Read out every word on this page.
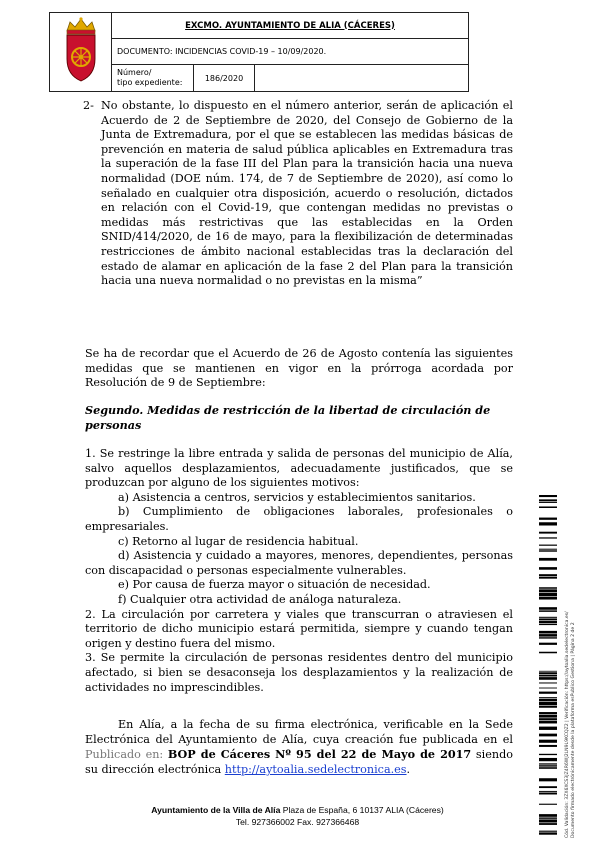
EXCMO. AYUNTAMIENTO DE ALIA (CÁCERES)
DOCUMENTO: INCIDENCIAS COVID-19 – 10/09/2020.
Número/
tipo expediente:	186/2020
2- No obstante, lo dispuesto en el número anterior, serán de aplicación el Acuerdo de 2 de Septiembre de 2020, del Consejo de Gobierno de la Junta de Extremadura, por el que se establecen las medidas básicas de prevención en materia de salud pública aplicables en Extremadura tras la superación de la fase III del Plan para la transición hacia una nueva normalidad (DOE núm. 174, de 7 de Septiembre de 2020), así como lo señalado en cualquier otra disposición, acuerdo o resolución, dictados en relación con el Covid-19, que contengan medidas no previstas o medidas más restrictivas que las establecidas en la Orden SNID/414/2020, de 16 de mayo, para la flexibilización de determinadas restricciones de ámbito nacional establecidas tras la declaración del estado de alamar en aplicación de la fase 2 del Plan para la transición hacia una nueva normalidad o no previstas en la misma”

Se ha de recordar que el Acuerdo de 26 de Agosto contenía las siguientes medidas que se mantienen en vigor en la prórroga acordada por Resolución de 9 de Septiembre:

Segundo. Medidas de restricción de la libertad de circulación de personas

1. Se restringe la libre entrada y salida de personas del municipio de Alía, salvo aquellos desplazamientos, adecuadamente justificados, que se produzcan por alguno de los siguientes motivos:

a) Asistencia a centros, servicios y establecimientos sanitarios.

b) Cumplimiento de obligaciones laborales, profesionales o empresariales.

c) Retorno al lugar de residencia habitual.

d) Asistencia y cuidado a mayores, menores, dependientes, personas con discapacidad o personas especialmente vulnerables.

e) Por causa de fuerza mayor o situación de necesidad.

f) Cualquier otra actividad de análoga naturaleza.

2. La circulación por carretera y viales que transcurran o atraviesen el territorio de dicho municipio estará permitida, siempre y cuando tengan origen y destino fuera del mismo.

3. Se permite la circulación de personas residentes dentro del municipio afectado, si bien se desaconseja los desplazamientos y la realización de actividades no imprescindibles.

En Alía, a la fecha de su firma electrónica, verificable en la Sede Electrónica del Ayuntamiento de Alía, cuya creación fue publicada en el Publicado en: BOP de Cáceres Nº 95 del 22 de Mayo de 2017 siendo su dirección electrónica http://aytoalia.sedelectronica.es.

Ayuntamiento de la Villa de Alía Plaza de España, 6 10137 ALIA (Cáceres)
Tel. 927366002 Fax. 927366468	Cód. Validación: 3ZX6XCS3JZ4R6WJ2LN9L9KCQZ2 | Verificación: https://aytoalia.sedelectronica.es/ Documento firmado electrónicamente desde la plataforma esPublico Gestiona | Página 2 de 2
